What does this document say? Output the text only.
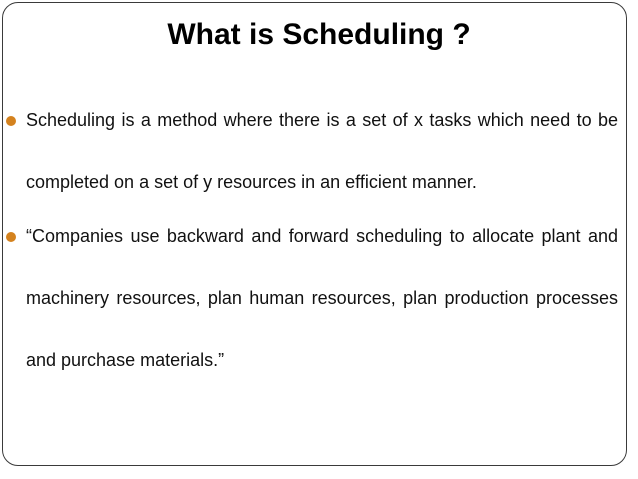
What is Scheduling ?
Scheduling is a method where there is a set of x tasks which need to be completed on a set of y resources in an efficient manner.
“Companies use backward and forward scheduling to allocate plant and machinery resources, plan human resources, plan production processes and purchase materials.”
